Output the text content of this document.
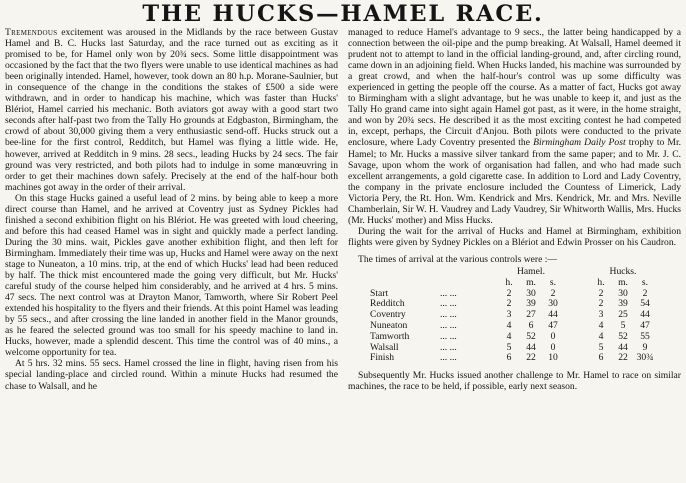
THE HUCKS—HAMEL RACE.

Tremendous excitement was aroused in the Midlands by the race between Gustav Hamel and B. C. Hucks last Saturday, and the race turned out as exciting as it promised to be, for Hamel only won by 20¾ secs. Some little disappointment was occasioned by the fact that the two flyers were unable to use identical machines as had been originally intended. Hamel, however, took down an 80 h.p. Morane-Saulnier, but in consequence of the change in the conditions the stakes of £500 a side were withdrawn, and in order to handicap his machine, which was faster than Hucks' Blériot, Hamel carried his mechanic. Both aviators got away with a good start two seconds after half-past two from the Tally Ho grounds at Edgbaston, Birmingham, the crowd of about 30,000 giving them a very enthusiastic send-off. Hucks struck out a bee-line for the first control, Redditch, but Hamel was flying a little wide. He, however, arrived at Redditch in 9 mins. 28 secs., leading Hucks by 24 secs. The fair ground was very restricted, and both pilots had to indulge in some manœuvring in order to get their machines down safely. Precisely at the end of the half-hour both machines got away in the order of their arrival.

On this stage Hucks gained a useful lead of 2 mins. by being able to keep a more direct course than Hamel, and he arrived at Coventry just as Sydney Pickles had finished a second exhibition flight on his Blériot. He was greeted with loud cheering, and before this had ceased Hamel was in sight and quickly made a perfect landing. During the 30 mins. wait, Pickles gave another exhibition flight, and then left for Birmingham. Immediately their time was up, Hucks and Hamel were away on the next stage to Nuneaton, a 10 mins. trip, at the end of which Hucks' lead had been reduced by half. The thick mist encountered made the going very difficult, but Mr. Hucks' careful study of the course helped him considerably, and he arrived at 4 hrs. 5 mins. 47 secs. The next control was at Drayton Manor, Tamworth, where Sir Robert Peel extended his hospitality to the flyers and their friends. At this point Hamel was leading by 55 secs., and after crossing the line landed in another field in the Manor grounds, as he feared the selected ground was too small for his speedy machine to land in. Hucks, however, made a splendid descent. This time the control was of 40 mins., a welcome opportunity for tea.

At 5 hrs. 32 mins. 55 secs. Hamel crossed the line in flight, having risen from his special landing-place and circled round. Within a minute Hucks had resumed the chase to Walsall, and he

managed to reduce Hamel's advantage to 9 secs., the latter being handicapped by a connection between the oil-pipe and the pump breaking. At Walsall, Hamel deemed it prudent not to attempt to land in the official landing-ground, and, after circling round, came down in an adjoining field. When Hucks landed, his machine was surrounded by a great crowd, and when the half-hour's control was up some difficulty was experienced in getting the people off the course. As a matter of fact, Hucks got away to Birmingham with a slight advantage, but he was unable to keep it, and just as the Tally Ho grand came into sight again Hamel got past, as it were, in the home straight, and won by 20¾ secs. He described it as the most exciting contest he had competed in, except, perhaps, the Circuit d'Anjou. Both pilots were conducted to the private enclosure, where Lady Coventry presented the Birmingham Daily Post trophy to Mr. Hamel; to Mr. Hucks a massive silver tankard from the same paper; and to Mr. J. C. Savage, upon whom the work of organisation had fallen, and who had made such excellent arrangements, a gold cigarette case. In addition to Lord and Lady Coventry, the company in the private enclosure included the Countess of Limerick, Lady Victoria Pery, the Rt. Hon. Wm. Kendrick and Mrs. Kendrick, Mr. and Mrs. Neville Chamberlain, Sir W. H. Vaudrey and Lady Vaudrey, Sir Whitworth Wallis, Mrs. Hucks (Mr. Hucks' mother) and Miss Hucks.

During the wait for the arrival of Hucks and Hamel at Birmingham, exhibition flights were given by Sydney Pickles on a Blériot and Edwin Prosser on his Caudron.

The times of arrival at the various controls were :—

		Hamel.				Hucks.		
		h.	m.	s.		h.	m.	s.
Start	... ...	2	30	2		2	30	2
Redditch	... ...	2	39	30		2	39	54
Coventry	... ...	3	27	44		3	25	44
Nuneaton	... ...	4	6	47		4	5	47
Tamworth	... ...	4	52	0		4	52	55
Walsall	... ...	5	44	0		5	44	9
Finish	... ...	6	22	10		6	22	30¾

Subsequently Mr. Hucks issued another challenge to Mr. Hamel to race on similar machines, the race to be held, if possible, early next season.
